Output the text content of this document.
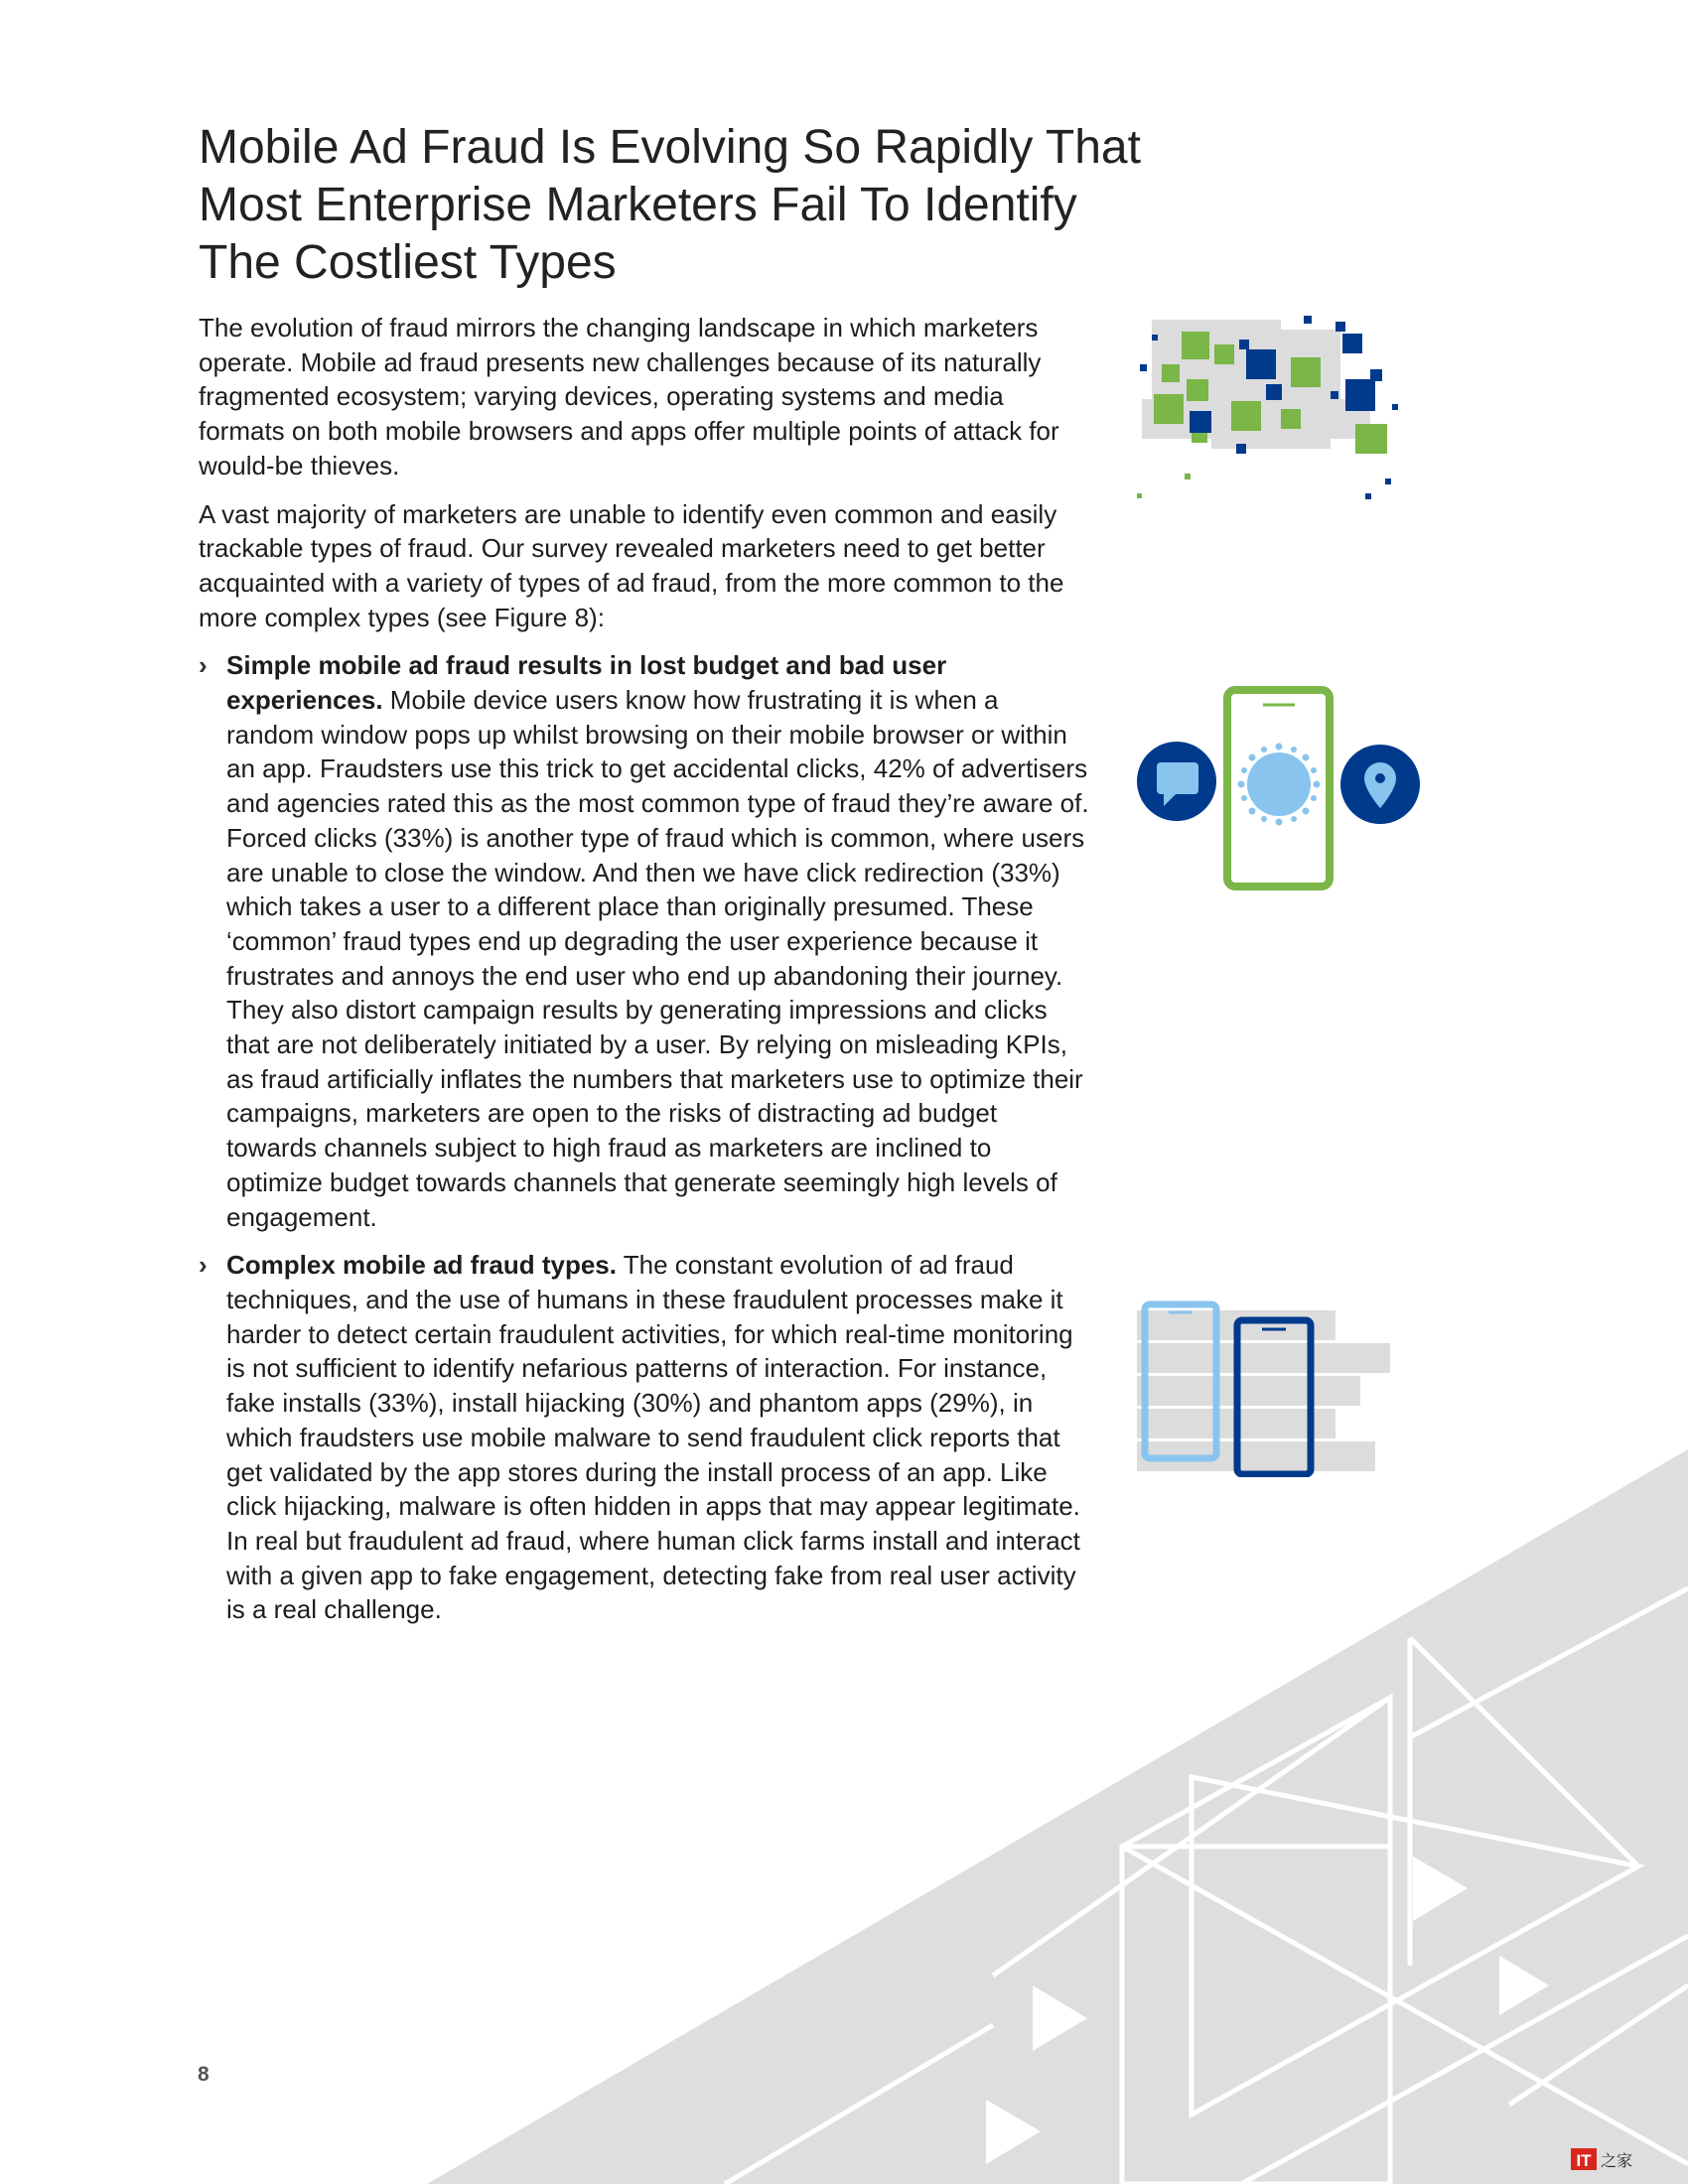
Mobile Ad Fraud Is Evolving So Rapidly That Most Enterprise Marketers Fail To Identify The Costliest Types

The evolution of fraud mirrors the changing landscape in which marketers operate. Mobile ad fraud presents new challenges because of its naturally fragmented ecosystem; varying devices, operating systems and media formats on both mobile browsers and apps offer multiple points of attack for would-be thieves.

A vast majority of marketers are unable to identify even common and easily trackable types of fraud. Our survey revealed marketers need to get better acquainted with a variety of types of ad fraud, from the more common to the more complex types (see Figure 8):

› Simple mobile ad fraud results in lost budget and bad user experiences. Mobile device users know how frustrating it is when a random window pops up whilst browsing on their mobile browser or within an app. Fraudsters use this trick to get accidental clicks, 42% of advertisers and agencies rated this as the most common type of fraud they’re aware of. Forced clicks (33%) is another type of fraud which is common, where users are unable to close the window. And then we have click redirection (33%) which takes a user to a different place than originally presumed. These ‘common’ fraud types end up degrading the user experience because it frustrates and annoys the end user who end up abandoning their journey. They also distort campaign results by generating impressions and clicks that are not deliberately initiated by a user. By relying on misleading KPIs, as fraud artificially inflates the numbers that marketers use to optimize their campaigns, marketers are open to the risks of distracting ad budget towards channels subject to high fraud as marketers are inclined to optimize budget towards channels that generate seemingly high levels of engagement.
› Complex mobile ad fraud types. The constant evolution of ad fraud techniques, and the use of humans in these fraudulent processes make it harder to detect certain fraudulent activities, for which real-time monitoring is not sufficient to identify nefarious patterns of interaction. For instance, fake installs (33%), install hijacking (30%) and phantom apps (29%), in which fraudsters use mobile malware to send fraudulent click reports that get validated by the app stores during the install process of an app. Like click hijacking, malware is often hidden in apps that may appear legitimate. In real but fraudulent ad fraud, where human click farms install and interact with a given app to fake engagement, detecting fake from real user activity is a real challenge.
8
IT 之家
